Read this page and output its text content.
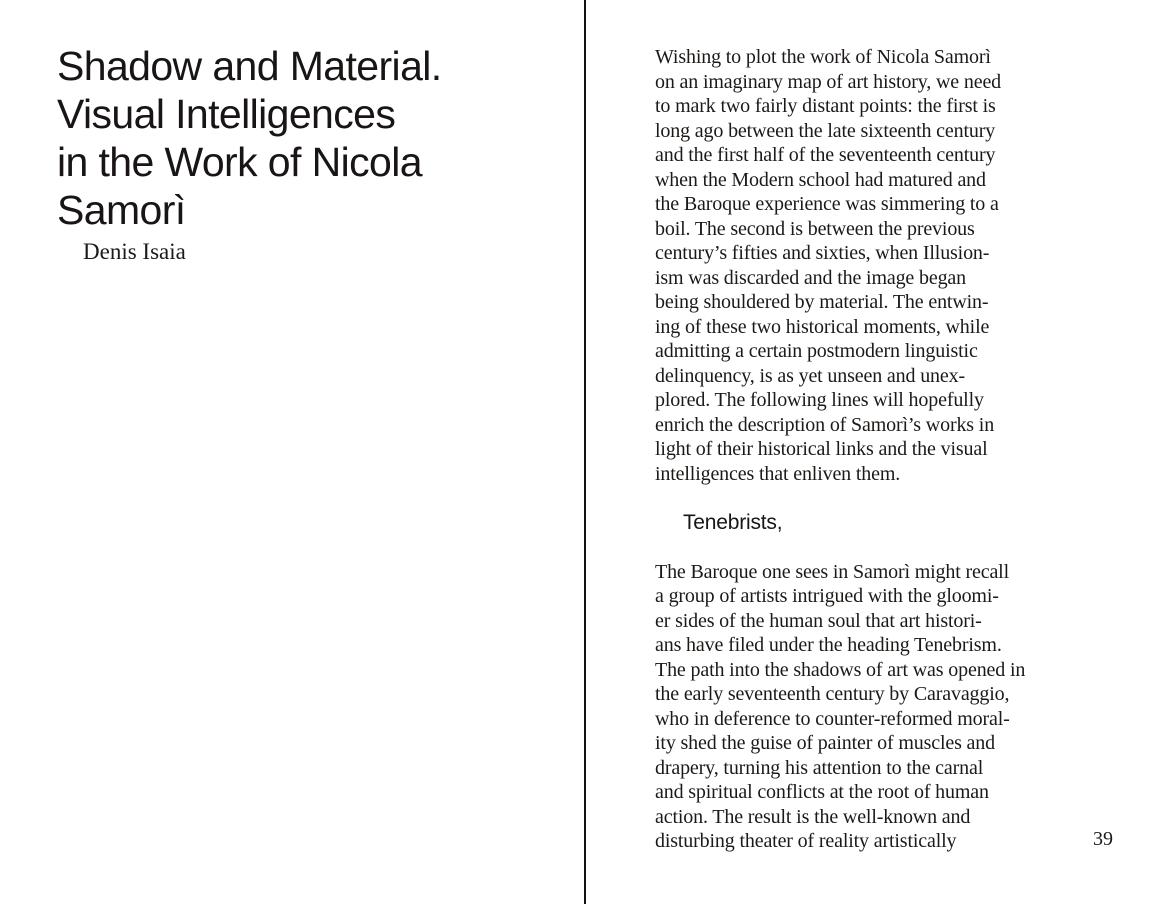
Shadow and Material.
Visual Intelligences
in the Work of Nicola
Samorì
Denis Isaia
Wishing to plot the work of Nicola Samorì
on an imaginary map of art history, we need
to mark two fairly distant points: the first is
long ago between the late sixteenth century
and the first half of the seventeenth century
when the Modern school had matured and
the Baroque experience was simmering to a
boil. The second is between the previous
century’s fifties and sixties, when Illusion-
ism was discarded and the image began
being shouldered by material. The entwin-
ing of these two historical moments, while
admitting a certain postmodern linguistic
delinquency, is as yet unseen and unex-
plored. The following lines will hopefully
enrich the description of Samorì’s works in
light of their historical links and the visual
intelligences that enliven them.
Tenebrists,
The Baroque one sees in Samorì might recall
a group of artists intrigued with the gloomi-
er sides of the human soul that art histori-
ans have filed under the heading Tenebrism.
The path into the shadows of art was opened in
the early seventeenth century by Caravaggio,
who in deference to counter-reformed moral-
ity shed the guise of painter of muscles and
drapery, turning his attention to the carnal
and spiritual conflicts at the root of human
action. The result is the well-known and
disturbing theater of reality artistically	39
